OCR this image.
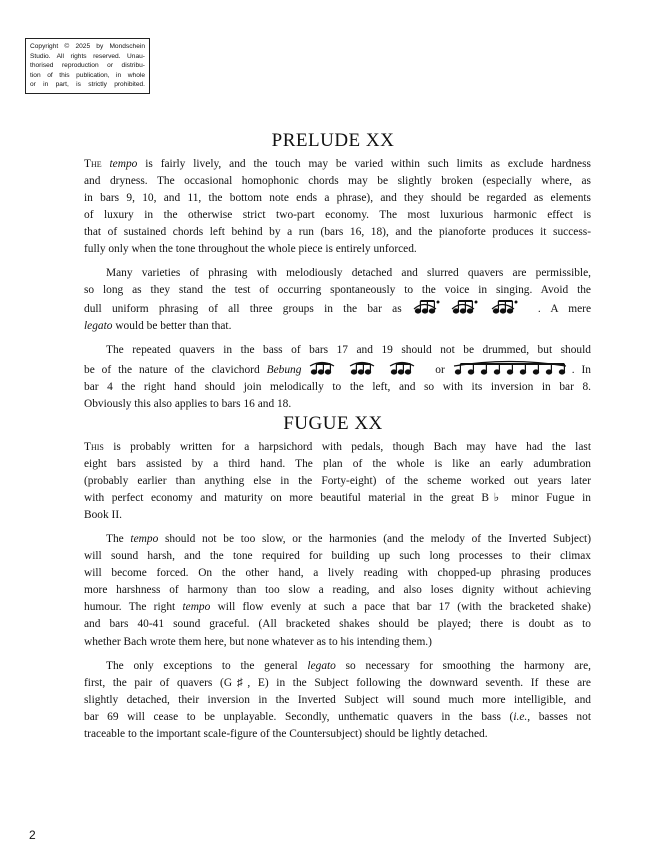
Copyright © 2025 by Mondschein
Studio. All rights reserved. Unau-
thorised reproduction or distribu-
tion of this publication, in whole
or in part, is strictly prohibited.
PRELUDE XX

The tempo is fairly lively, and the touch may be varied within such limits as exclude hardness
and dryness. The occasional homophonic chords may be slightly broken (especially where, as
in bars 9, 10, and 11, the bottom note ends a phrase), and they should be regarded as elements
of luxury in the otherwise strict two-part economy. The most luxurious harmonic effect is
that of sustained chords left behind by a run (bars 16, 18), and the pianoforte produces it success-
fully only when the tone throughout the whole piece is entirely unforced.

Many varieties of phrasing with melodiously detached and slurred quavers are permissible,
so long as they stand the test of occurring spontaneously to the voice in singing. Avoid the
dull uniform phrasing of all three groups in the bar as	. A mere
legato would be better than that.

The repeated quavers in the bass of bars 17 and 19 should not be drummed, but should
be of the nature of the clavichord Bebung	or	. In
bar 4 the right hand should join melodically to the left, and so with its inversion in bar 8.
Obviously this also applies to bars 16 and 18.

FUGUE XX

This is probably written for a harpsichord with pedals, though Bach may have had the last
eight bars assisted by a third hand. The plan of the whole is like an early adumbration
(probably earlier than anything else in the Forty-eight) of the scheme worked out years later
with perfect economy and maturity on more beautiful material in the great B♭ minor Fugue in
Book II.

The tempo should not be too slow, or the harmonies (and the melody of the Inverted Subject)
will sound harsh, and the tone required for building up such long processes to their climax
will become forced. On the other hand, a lively reading with chopped-up phrasing produces
more harshness of harmony than too slow a reading, and also loses dignity without achieving
humour. The right tempo will flow evenly at such a pace that bar 17 (with the bracketed shake)
and bars 40-41 sound graceful. (All bracketed shakes should be played; there is doubt as to
whether Bach wrote them here, but none whatever as to his intending them.)

The only exceptions to the general legato so necessary for smoothing the harmony are,
first, the pair of quavers (G♯, E) in the Subject following the downward seventh. If these are
slightly detached, their inversion in the Inverted Subject will sound much more intelligible, and
bar 69 will cease to be unplayable. Secondly, unthematic quavers in the bass (i.e., basses not
traceable to the important scale-figure of the Countersubject) should be lightly detached.

2
